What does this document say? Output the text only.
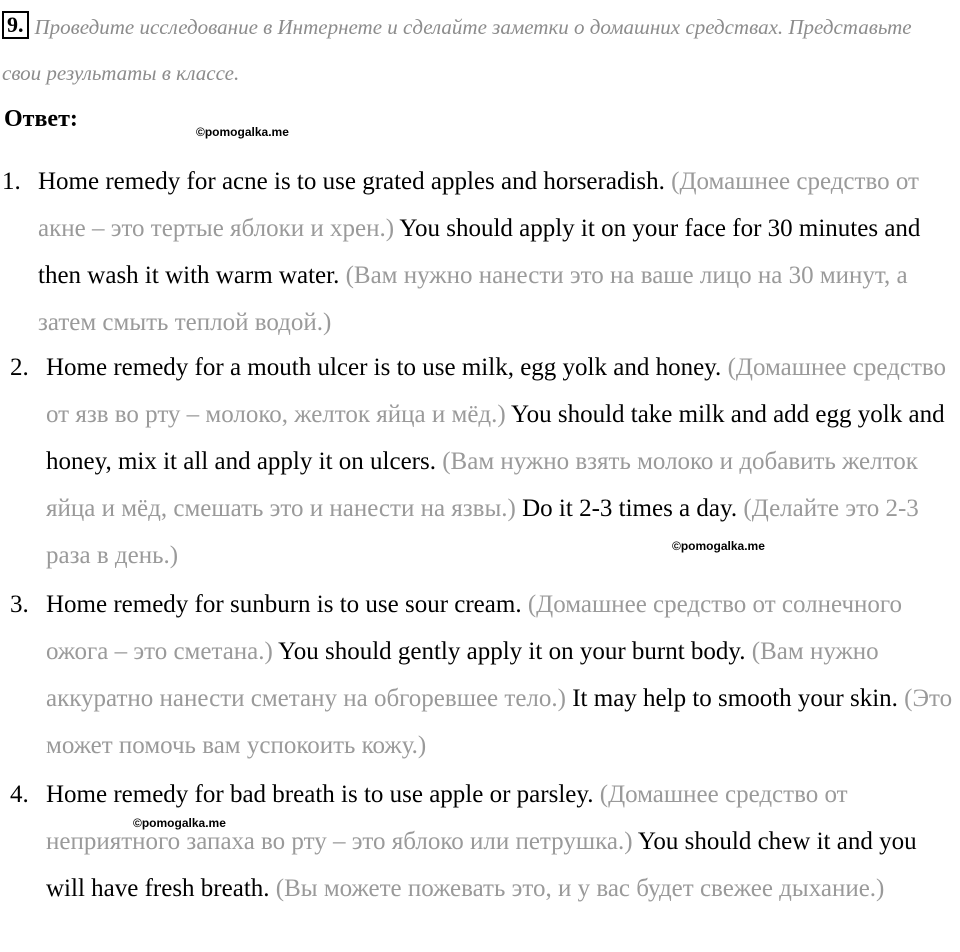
9. Проведите исследование в Интернете и сделайте заметки о домашних средствах. Представьте свои результаты в классе.
Ответ:	©pomogalka.me
©pomogalka.me
©pomogalka.me
1. Home remedy for acne is to use grated apples and horseradish. (Домашнее средство от акне – это тертые яблоки и хрен.) You should apply it on your face for 30 minutes and then wash it with warm water. (Вам нужно нанести это на ваше лицо на 30 минут, а затем смыть теплой водой.)
2. Home remedy for a mouth ulcer is to use milk, egg yolk and honey. (Домашнее средство от язв во рту – молоко, желток яйца и мёд.) You should take milk and add egg yolk and honey, mix it all and apply it on ulcers. (Вам нужно взять молоко и добавить желток яйца и мёд, смешать это и нанести на язвы.) Do it 2-3 times a day. (Делайте это 2-3 раза в день.)
3. Home remedy for sunburn is to use sour cream. (Домашнее средство от солнечного ожога – это сметана.) You should gently apply it on your burnt body. (Вам нужно аккуратно нанести сметану на обгоревшее тело.) It may help to smooth your skin. (Это может помочь вам успокоить кожу.)
4. Home remedy for bad breath is to use apple or parsley. (Домашнее средство от неприятного запаха во рту – это яблоко или петрушка.) You should chew it and you will have fresh breath. (Вы можете пожевать это, и у вас будет свежее дыхание.)
